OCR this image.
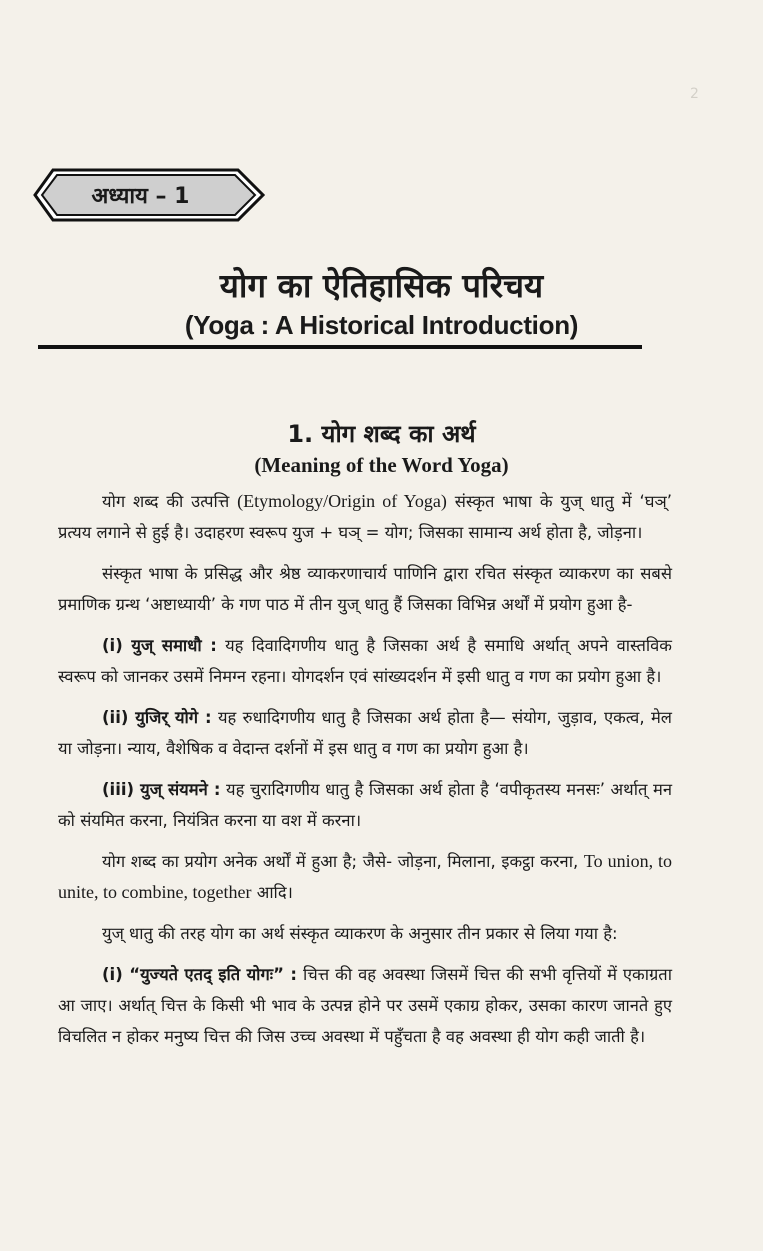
2
अध्याय – 1
योग का ऐतिहासिक परिचय
(Yoga : A Historical Introduction)
1. योग शब्द का अर्थ
(Meaning of the Word Yoga)

योग शब्द की उत्पत्ति (Etymology/Origin of Yoga) संस्कृत भाषा के युज् धातु में ‘घञ्’ प्रत्यय लगाने से हुई है। उदाहरण स्वरूप युज + घञ् = योग; जिसका सामान्य अर्थ होता है, जोड़ना।

संस्कृत भाषा के प्रसिद्ध और श्रेष्ठ व्याकरणाचार्य पाणिनि द्वारा रचित संस्कृत व्याकरण का सबसे प्रमाणिक ग्रन्थ ‘अष्टाध्यायी’ के गण पाठ में तीन युज् धातु हैं जिसका विभिन्न अर्थों में प्रयोग हुआ है-

(i) युज् समाधौ : यह दिवादिगणीय धातु है जिसका अर्थ है समाधि अर्थात् अपने वास्तविक स्वरूप को जानकर उसमें निमग्न रहना। योगदर्शन एवं सांख्यदर्शन में इसी धातु व गण का प्रयोग हुआ है।

(ii) युजिर् योगे : यह रुधादिगणीय धातु है जिसका अर्थ होता है— संयोग, जुड़ाव, एकत्व, मेल या जोड़ना। न्याय, वैशेषिक व वेदान्त दर्शनों में इस धातु व गण का प्रयोग हुआ है।

(iii) युज् संयमने : यह चुरादिगणीय धातु है जिसका अर्थ होता है ‘वपीकृतस्य मनसः’ अर्थात् मन को संयमित करना, नियंत्रित करना या वश में करना।

योग शब्द का प्रयोग अनेक अर्थों में हुआ है; जैसे- जोड़ना, मिलाना, इकट्ठा करना, To union, to unite, to combine, together आदि।

युज् धातु की तरह योग का अर्थ संस्कृत व्याकरण के अनुसार तीन प्रकार से लिया गया है:

(i) “युज्यते एतद् इति योगः” : चित्त की वह अवस्था जिसमें चित्त की सभी वृत्तियों में एकाग्रता आ जाए। अर्थात् चित्त के किसी भी भाव के उत्पन्न होने पर उसमें एकाग्र होकर, उसका कारण जानते हुए विचलित न होकर मनुष्य चित्त की जिस उच्च अवस्था में पहुँचता है वह अवस्था ही योग कही जाती है।
